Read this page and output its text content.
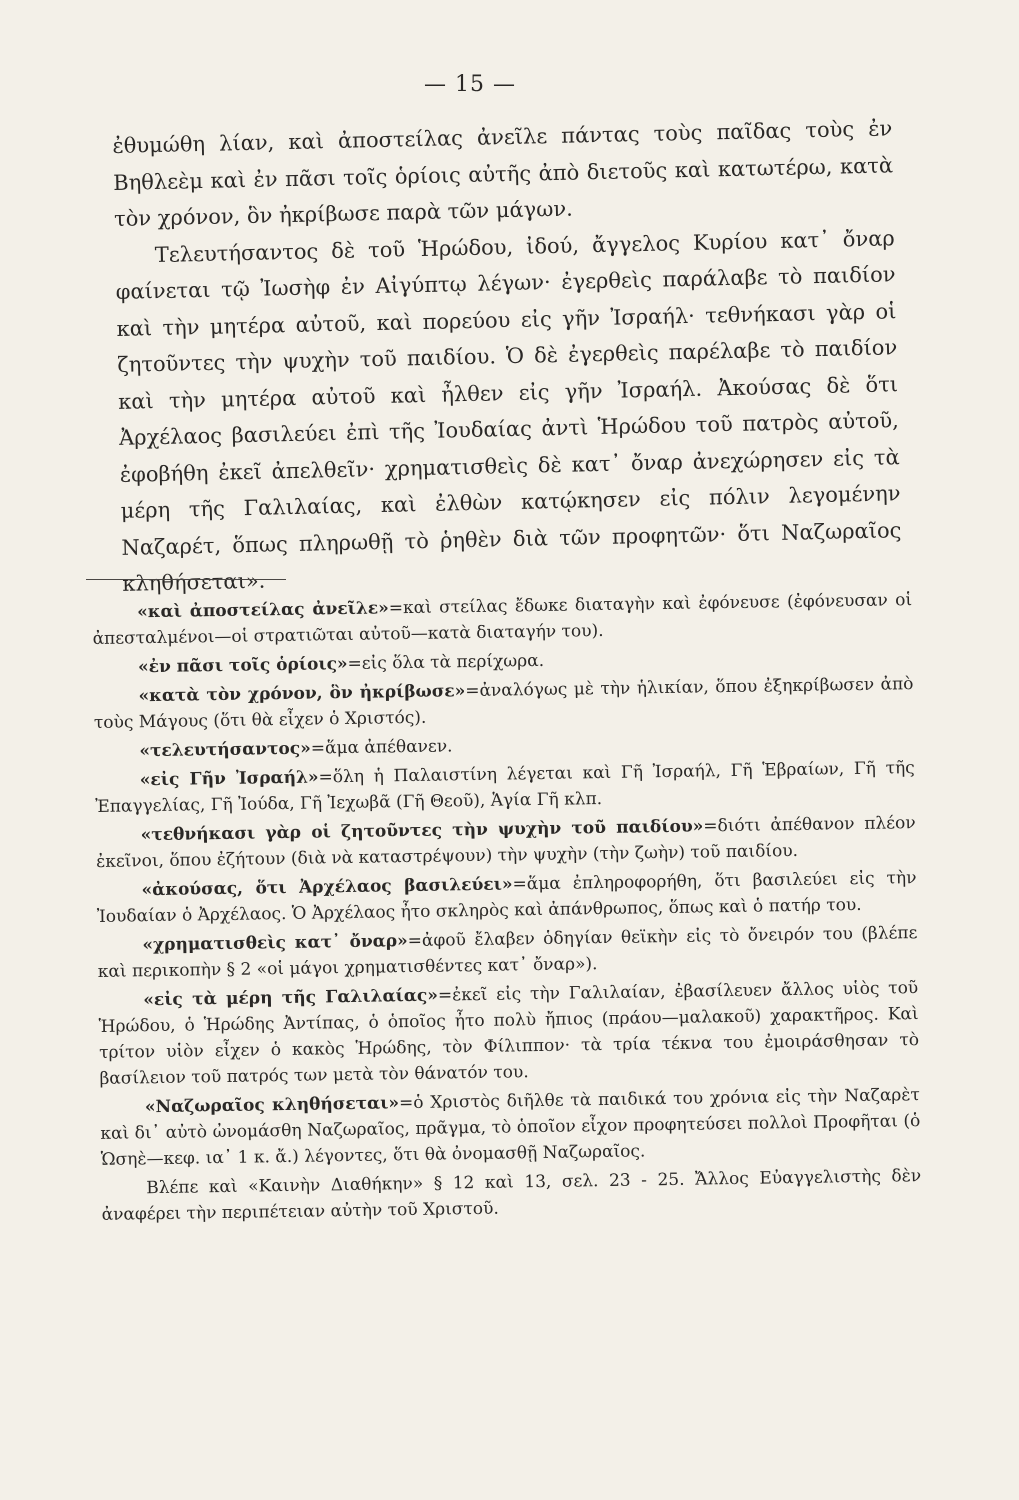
— 15 —

ἐθυμώθη λίαν, καὶ ἀποστείλας ἀνεῖλε πάντας τοὺς παῖδας τοὺς ἐν Βηθλεὲμ καὶ ἐν πᾶσι τοῖς ὁρίοις αὐτῆς ἀπὸ διετοῦς καὶ κατωτέρω, κατὰ τὸν χρόνον, ὃν ἠκρίβωσε παρὰ τῶν μάγων.

Τελευτήσαντος δὲ τοῦ Ἡρώδου, ἰδού, ἄγγελος Κυρίου κατ᾽ ὄναρ φαίνεται τῷ Ἰωσὴφ ἐν Αἰγύπτῳ λέγων· ἐγερθεὶς παράλαβε τὸ παιδίον καὶ τὴν μητέρα αὐτοῦ, καὶ πορεύου εἰς γῆν Ἰσραήλ· τεθνήκασι γὰρ οἱ ζητοῦντες τὴν ψυχὴν τοῦ παιδίου. Ὁ δὲ ἐγερθεὶς παρέλαβε τὸ παιδίον καὶ τὴν μητέρα αὐτοῦ καὶ ἦλθεν εἰς γῆν Ἰσραήλ. Ἀκούσας δὲ ὅτι Ἀρχέλαος βασιλεύει ἐπὶ τῆς Ἰουδαίας ἀντὶ Ἡρώδου τοῦ πατρὸς αὐτοῦ, ἐφοβήθη ἐκεῖ ἀπελθεῖν· χρηματισθεὶς δὲ κατ᾽ ὄναρ ἀνεχώρησεν εἰς τὰ μέρη τῆς Γαλιλαίας, καὶ ἐλθὼν κατῴκησεν εἰς πόλιν λεγομένην Ναζαρέτ, ὅπως πληρωθῇ τὸ ῥηθὲν διὰ τῶν προφητῶν· ὅτι Ναζωραῖος κληθήσεται».

«καὶ ἀποστείλας ἀνεῖλε»=καὶ στείλας ἔδωκε διαταγὴν καὶ ἐφόνευσε (ἐφόνευσαν οἱ ἀπεσταλμένοι—οἱ στρατιῶται αὐτοῦ—κατὰ διαταγήν του).

«ἐν πᾶσι τοῖς ὁρίοις»=εἰς ὅλα τὰ περίχωρα.

«κατὰ τὸν χρόνον, ὃν ἠκρίβωσε»=ἀναλόγως μὲ τὴν ἡλικίαν, ὅπου ἐξηκρίβωσεν ἀπὸ τοὺς Μάγους (ὅτι θὰ εἶχεν ὁ Χριστός).

«τελευτήσαντος»=ἅμα ἀπέθανεν.

«εἰς Γῆν Ἰσραήλ»=ὅλη ἡ Παλαιστίνη λέγεται καὶ Γῆ Ἰσραήλ, Γῆ Ἑβραίων, Γῆ τῆς Ἐπαγγελίας, Γῆ Ἰούδα, Γῆ Ἰεχωβᾶ (Γῆ Θεοῦ), Ἁγία Γῆ κλπ.

«τεθνήκασι γὰρ οἱ ζητοῦντες τὴν ψυχὴν τοῦ παιδίου»=διότι ἀπέθανον πλέον ἐκεῖνοι, ὅπου ἐζήτουν (διὰ νὰ καταστρέψουν) τὴν ψυχὴν (τὴν ζωὴν) τοῦ παιδίου.

«ἀκούσας, ὅτι Ἀρχέλαος βασιλεύει»=ἅμα ἐπληροφορήθη, ὅτι βασιλεύει εἰς τὴν Ἰουδαίαν ὁ Ἀρχέλαος. Ὁ Ἀρχέλαος ἦτο σκληρὸς καὶ ἀπάνθρωπος, ὅπως καὶ ὁ πατήρ του.

«χρηματισθεὶς κατ᾽ ὄναρ»=ἀφοῦ ἔλαβεν ὁδηγίαν θεϊκὴν εἰς τὸ ὄνειρόν του (βλέπε καὶ περικοπὴν § 2 «οἱ μάγοι χρηματισθέντες κατ᾽ ὄναρ»).

«εἰς τὰ μέρη τῆς Γαλιλαίας»=ἐκεῖ εἰς τὴν Γαλιλαίαν, ἐβασίλευεν ἄλλος υἱὸς τοῦ Ἡρώδου, ὁ Ἡρώδης Ἀντίπας, ὁ ὁποῖος ἦτο πολὺ ἤπιος (πράου—μαλακοῦ) χαρακτῆρος. Καὶ τρίτον υἱὸν εἶχεν ὁ κακὸς Ἡρώδης, τὸν Φίλιππον· τὰ τρία τέκνα του ἐμοιράσθησαν τὸ βασίλειον τοῦ πατρός των μετὰ τὸν θάνατόν του.

«Ναζωραῖος κληθήσεται»=ὁ Χριστὸς διῆλθε τὰ παιδικά του χρόνια εἰς τὴν Ναζαρὲτ καὶ δι᾽ αὐτὸ ὠνομάσθη Ναζωραῖος, πρᾶγμα, τὸ ὁποῖον εἶχον προφητεύσει πολλοὶ Προφῆται (ὁ Ὡσηὲ—κεφ. ια᾽ 1 κ. ἄ.) λέγοντες, ὅτι θὰ ὀνομασθῇ Ναζωραῖος.

Βλέπε καὶ «Καινὴν Διαθήκην» § 12 καὶ 13, σελ. 23 - 25. Ἄλλος Εὐαγγελιστὴς δὲν ἀναφέρει τὴν περιπέτειαν αὐτὴν τοῦ Χριστοῦ.
